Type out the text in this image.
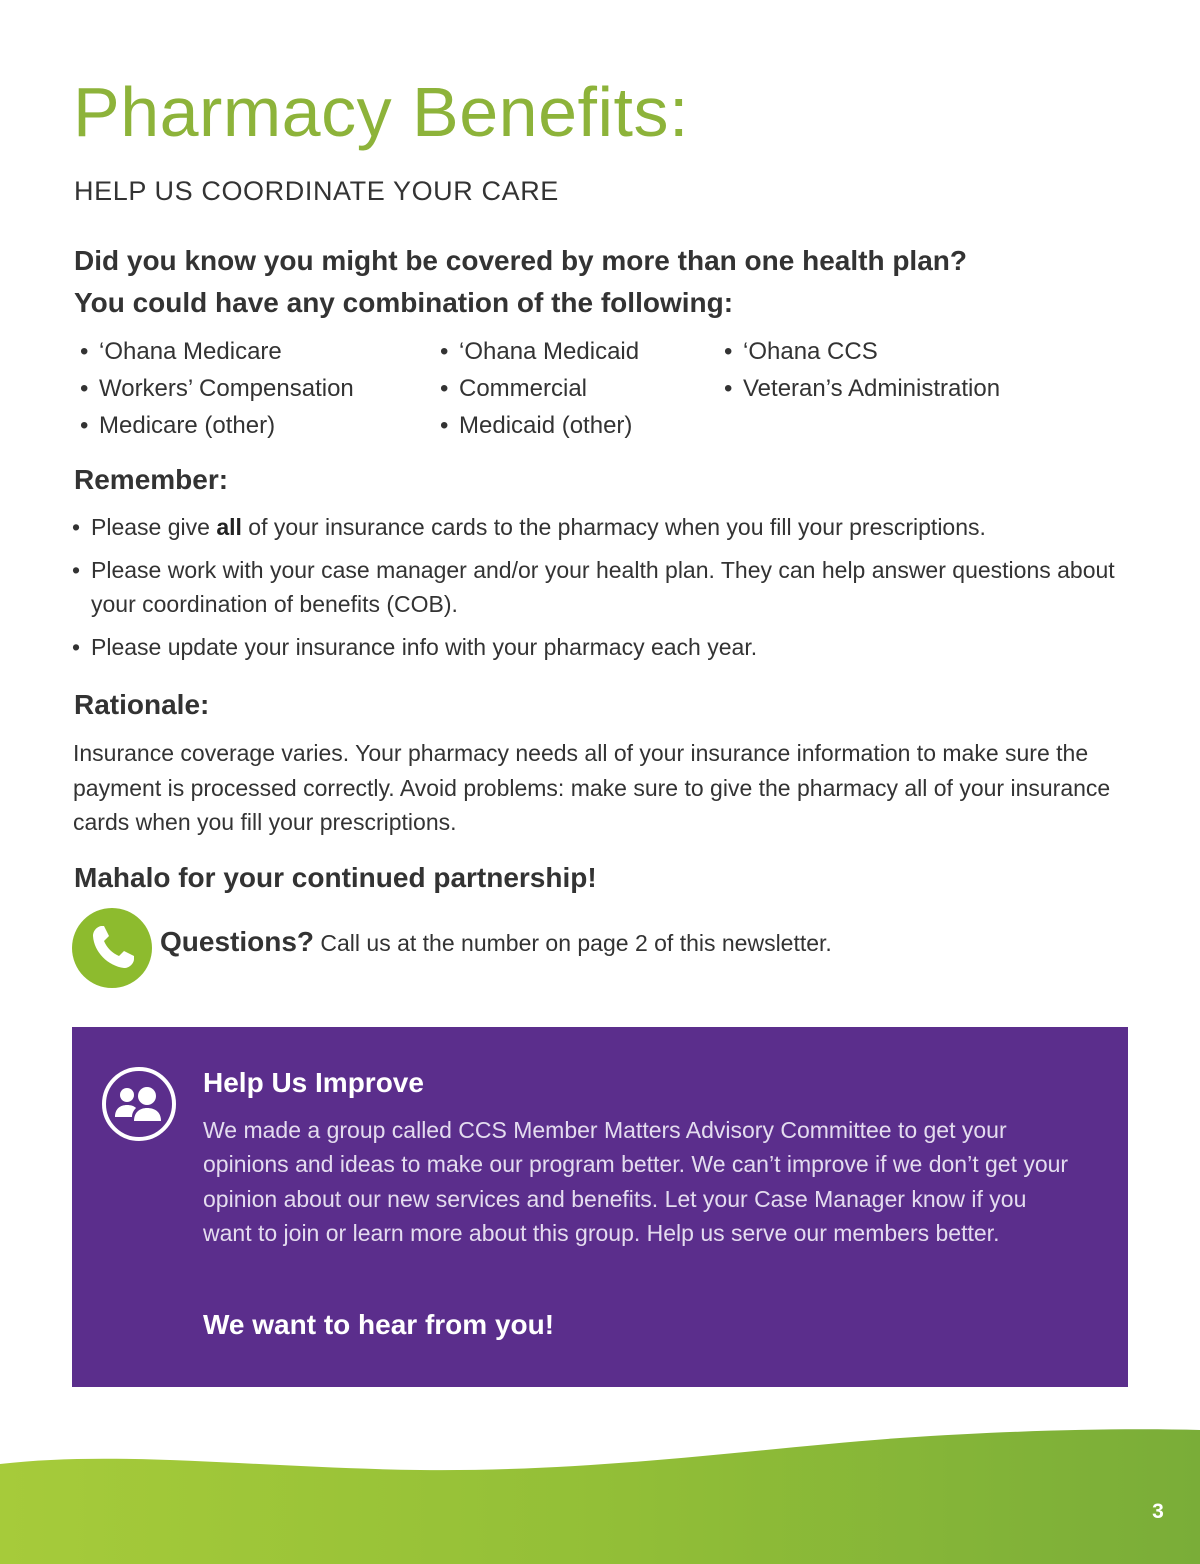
Pharmacy Benefits:
HELP US COORDINATE YOUR CARE
Did you know you might be covered by more than one health plan?
You could have any combination of the following:
• ‘Ohana Medicare
• Workers’ Compensation
• Medicare (other)
• ‘Ohana Medicaid
• Commercial
• Medicaid (other)
• ‘Ohana CCS
• Veteran’s Administration
Remember:
• Please give all of your insurance cards to the pharmacy when you fill your prescriptions.
• Please work with your case manager and/or your health plan. They can help answer questions about your coordination of benefits (COB).
• Please update your insurance info with your pharmacy each year.
Rationale:
Insurance coverage varies. Your pharmacy needs all of your insurance information to make sure the payment is processed correctly. Avoid problems: make sure to give the pharmacy all of your insurance cards when you fill your prescriptions.
Mahalo for your continued partnership!
Questions? Call us at the number on page 2 of this newsletter.
Help Us Improve
We made a group called CCS Member Matters Advisory Committee to get your opinions and ideas to make our program better. We can’t improve if we don’t get your opinion about our new services and benefits. Let your Case Manager know if you want to join or learn more about this group. Help us serve our members better.
We want to hear from you!
3
